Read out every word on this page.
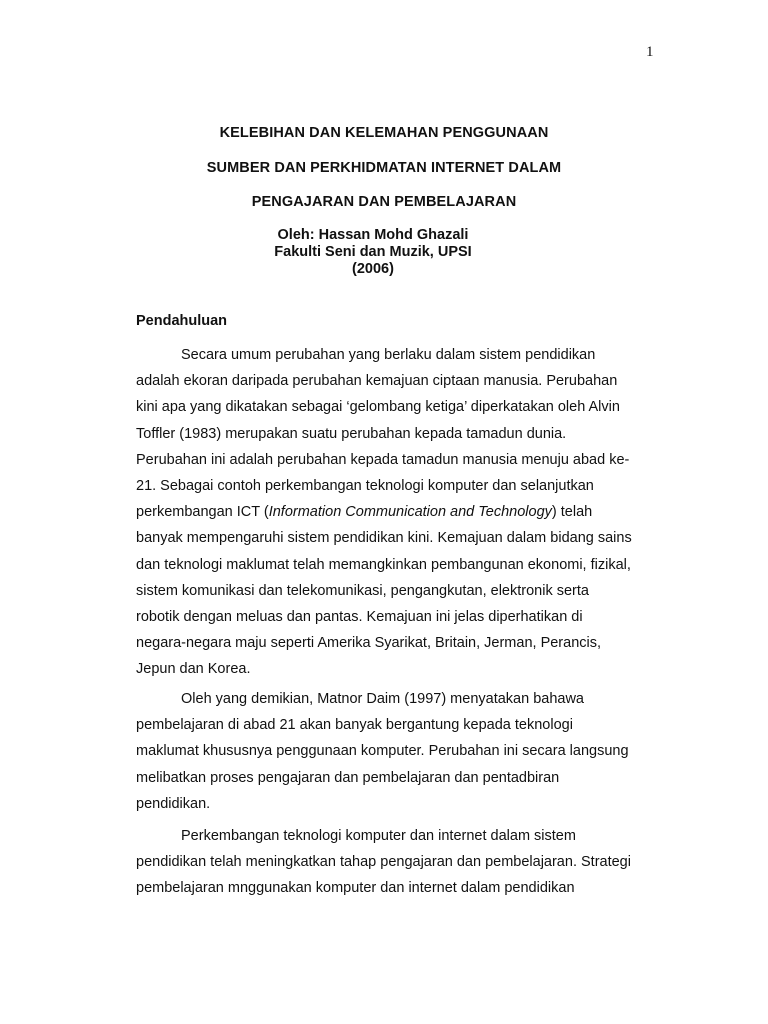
1
KELEBIHAN DAN KELEMAHAN PENGGUNAAN
SUMBER DAN PERKHIDMATAN INTERNET DALAM
PENGAJARAN DAN PEMBELAJARAN
Oleh: Hassan Mohd Ghazali
Fakulti Seni dan Muzik, UPSI
(2006)
Pendahuluan
Secara umum perubahan yang berlaku dalam sistem pendidikan
adalah ekoran daripada perubahan kemajuan ciptaan manusia. Perubahan
kini apa yang dikatakan sebagai ‘gelombang ketiga’ diperkatakan oleh Alvin
Toffler (1983) merupakan suatu perubahan kepada tamadun dunia.
Perubahan ini adalah perubahan kepada tamadun manusia menuju abad ke-
21. Sebagai contoh perkembangan teknologi komputer dan selanjutkan
perkembangan ICT (Information Communication and Technology) telah
banyak mempengaruhi sistem pendidikan kini. Kemajuan dalam bidang sains
dan teknologi maklumat telah memangkinkan pembangunan ekonomi, fizikal,
sistem komunikasi dan telekomunikasi, pengangkutan, elektronik serta
robotik dengan meluas dan pantas. Kemajuan ini jelas diperhatikan di
negara-negara maju seperti Amerika Syarikat, Britain, Jerman, Perancis,
Jepun dan Korea.
Oleh yang demikian, Matnor Daim (1997) menyatakan bahawa
pembelajaran di abad 21 akan banyak bergantung kepada teknologi
maklumat khususnya penggunaan komputer. Perubahan ini secara langsung
melibatkan proses pengajaran dan pembelajaran dan pentadbiran
pendidikan.
Perkembangan teknologi komputer dan internet dalam sistem
pendidikan telah meningkatkan tahap pengajaran dan pembelajaran. Strategi
pembelajaran mnggunakan komputer dan internet dalam pendidikan
